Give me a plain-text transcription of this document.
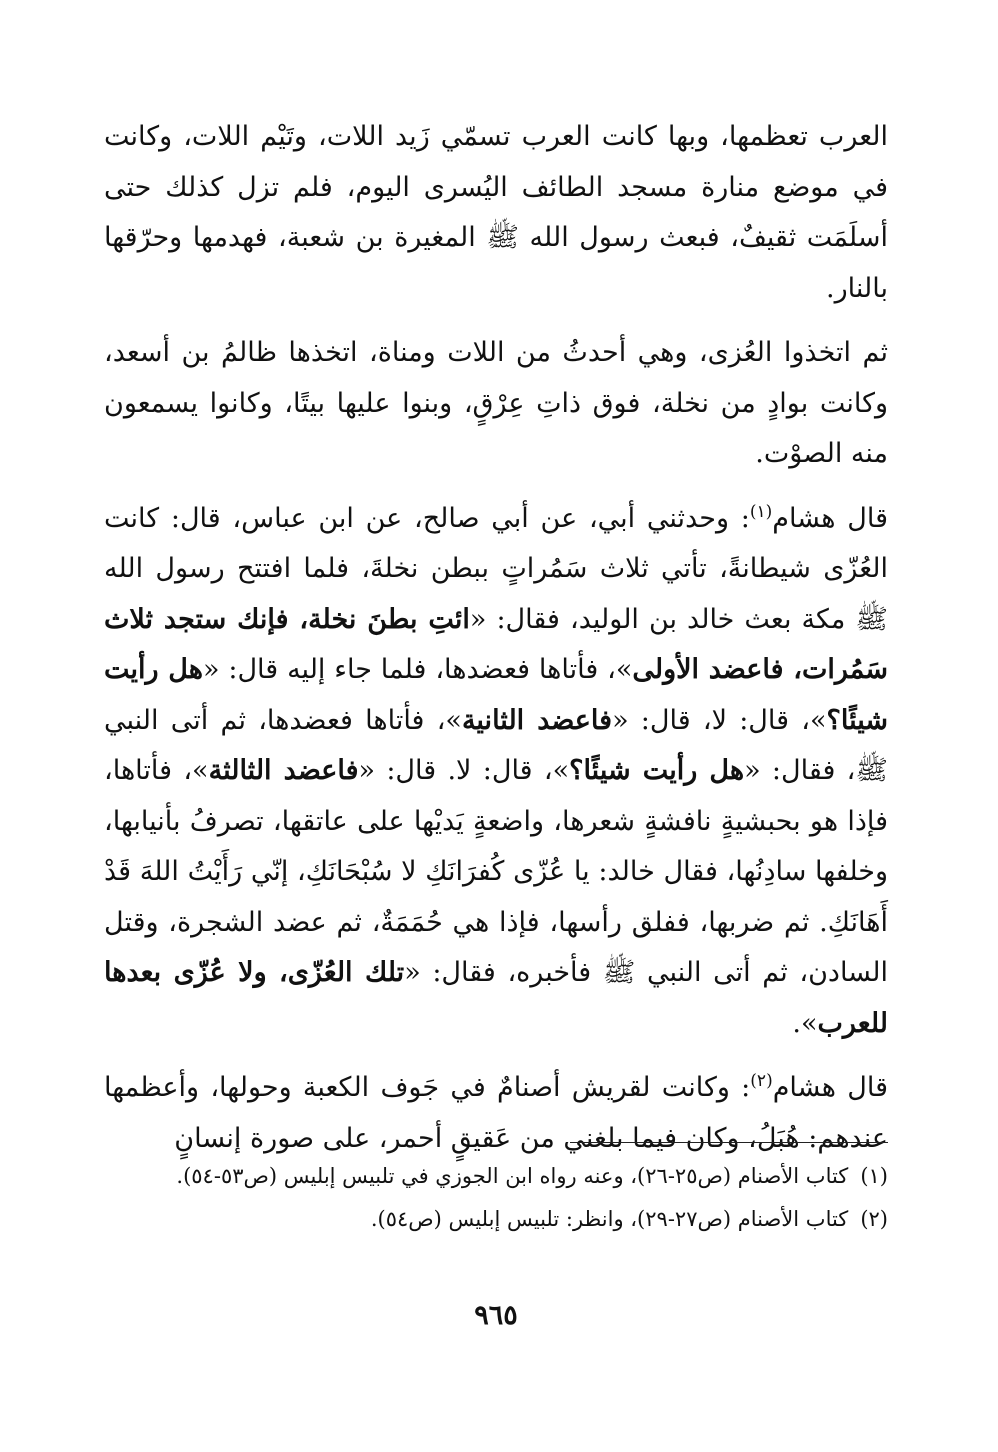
العرب تعظمها، وبها كانت العرب تسمّي زَيد اللات، وتَيْم اللات، وكانت في موضع منارة مسجد الطائف اليُسرى اليوم، فلم تزل كذلك حتى أسلَمَت ثقيفٌ، فبعث رسول الله ﷺ المغيرة بن شعبة، فهدمها وحرّقها بالنار.

ثم اتخذوا العُزى، وهي أحدثُ من اللات ومناة، اتخذها ظالمُ بن أسعد، وكانت بوادٍ من نخلة، فوق ذاتِ عِرْقٍ، وبنوا عليها بيتًا، وكانوا يسمعون منه الصوْت.

قال هشام$^{(١)}$: وحدثني أبي، عن أبي صالح، عن ابن عباس، قال: كانت العُزّى شيطانةً، تأتي ثلاث سَمُراتٍ ببطن نخلةَ، فلما افتتح رسول الله ﷺ مكة بعث خالد بن الوليد، فقال: «ائتِ بطنَ نخلة، فإنك ستجد ثلاث سَمُرات، فاعضد الأولى»، فأتاها فعضدها، فلما جاء إليه قال: «هل رأيت شيئًا؟»، قال: لا، قال: «فاعضد الثانية»، فأتاها فعضدها، ثم أتى النبي ﷺ، فقال: «هل رأيت شيئًا؟»، قال: لا. قال: «فاعضد الثالثة»، فأتاها، فإذا هو بحبشيةٍ نافشةٍ شعرها، واضعةٍ يَديْها على عاتقها، تصرفُ بأنيابها، وخلفها سادِنُها، فقال خالد: يا عُزّى كُفرَانَكِ لا سُبْحَانَكِ، إنّي رَأَيْتُ اللهَ قَدْ أَهَانَكِ. ثم ضربها، ففلق رأسها، فإذا هي حُمَمَةٌ، ثم عضد الشجرة، وقتل السادن، ثم أتى النبي ﷺ فأخبره، فقال: «تلك العُزّى، ولا عُزّى بعدها للعرب».

قال هشام$^{(٢)}$: وكانت لقريش أصنامٌ في جَوف الكعبة وحولها، وأعظمها عندهم: هُبَلُ، وكان فيما بلغني من عَقيقٍ أحمر، على صورة إنسانٍ

(١)كتاب الأصنام (ص٢٥-٢٦)، وعنه رواه ابن الجوزي في تلبيس إبليس (ص٥٣-٥٤).

(٢)كتاب الأصنام (ص٢٧-٢٩)، وانظر: تلبيس إبليس (ص٥٤).

٩٦٥
